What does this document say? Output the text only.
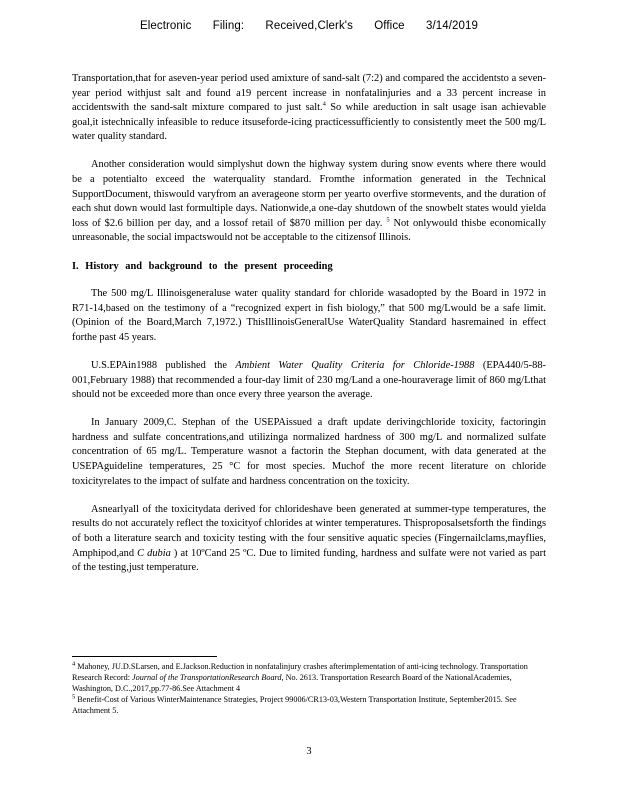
Electronic Filing: Received,Clerk's Office 3/14/2019

Transportation,that for aseven-year period used amixture of sand-salt (7:2) and compared the accidentsto a seven-year period withjust salt and found a19 percent increase in nonfatalinjuries and a 33 percent increase in accidentswith the sand-salt mixture compared to just salt.$^4$ So while areduction in salt usage isan achievable goal,it istechnically infeasible to reduce itsuseforde-icing practicessufficiently to consistently meet the 500 mg/L water quality standard.

Another consideration would simplyshut down the highway system during snow events where there would be a potentialto exceed the waterquality standard. Fromthe information generated in the Technical SupportDocument, thiswould varyfrom an averageone storm per yearto overfive stormevents, and the duration of each shut down would last formultiple days. Nationwide,a one-day shutdown of the snowbelt states would yielda loss of $2.6 billion per day, and a lossof retail of $870 million per day. $^5$ Not onlywould thisbe economically unreasonable, the social impactswould not be acceptable to the citizensof Illinois.

I. History and background to the present proceeding

The 500 mg/L Illinoisgeneraluse water quality standard for chloride wasadopted by the Board in 1972 in R71-14,based on the testimony of a “recognized expert in fish biology,” that 500 mg/Lwould be a safe limit. (Opinion of the Board,March 7,1972.) ThisIllinoisGeneralUse WaterQuality Standard hasremained in effect forthe past 45 years.

U.S.EPAin1988 published the Ambient Water Quality Criteria for Chloride-1988 (EPA440/5-88-001,February 1988) that recommended a four-day limit of 230 mg/Land a one-houraverage limit of 860 mg/Lthat should not be exceeded more than once every three yearson the average.

In January 2009,C. Stephan of the USEPAissued a draft update derivingchloride toxicity, factoringin hardness and sulfate concentrations,and utilizinga normalized hardness of 300 mg/L and normalized sulfate concentration of 65 mg/L. Temperature wasnot a factorin the Stephan document, with data generated at the USEPAguideline temperatures, 25 °C for most species. Muchof the more recent literature on chloride toxicityrelates to the impact of sulfate and hardness concentration on the toxicity.

Asnearlyall of the toxicitydata derived for chlorideshave been generated at summer-type temperatures, the results do not accurately reflect the toxicityof chlorides at winter temperatures. Thisproposalsetsforth the findings of both a literature search and toxicity testing with the four sensitive aquatic species (Fingernailclams,mayflies, Amphipod,and C dubia ) at 10ºCand 25 ºC. Due to limited funding, hardness and sulfate were not varied as part of the testing,just temperature.

$^4$ Mahoney, JU.D.SLarsen, and E.Jackson.Reduction in nonfatalinjury crashes afterimplementation of anti-icing technology. Transportation Research Record: Journal of the TransportationResearch Board, No. 2613. Transportation Research Board of the NationalAcademies, Washington, D.C.,2017,pp.77-86.See Attachment 4

$^5$ Benefit-Cost of Various WinterMaintenance Strategies, Project 99006/CR13-03,Western Transportation Institute, September2015. See Attachment 5.

3
